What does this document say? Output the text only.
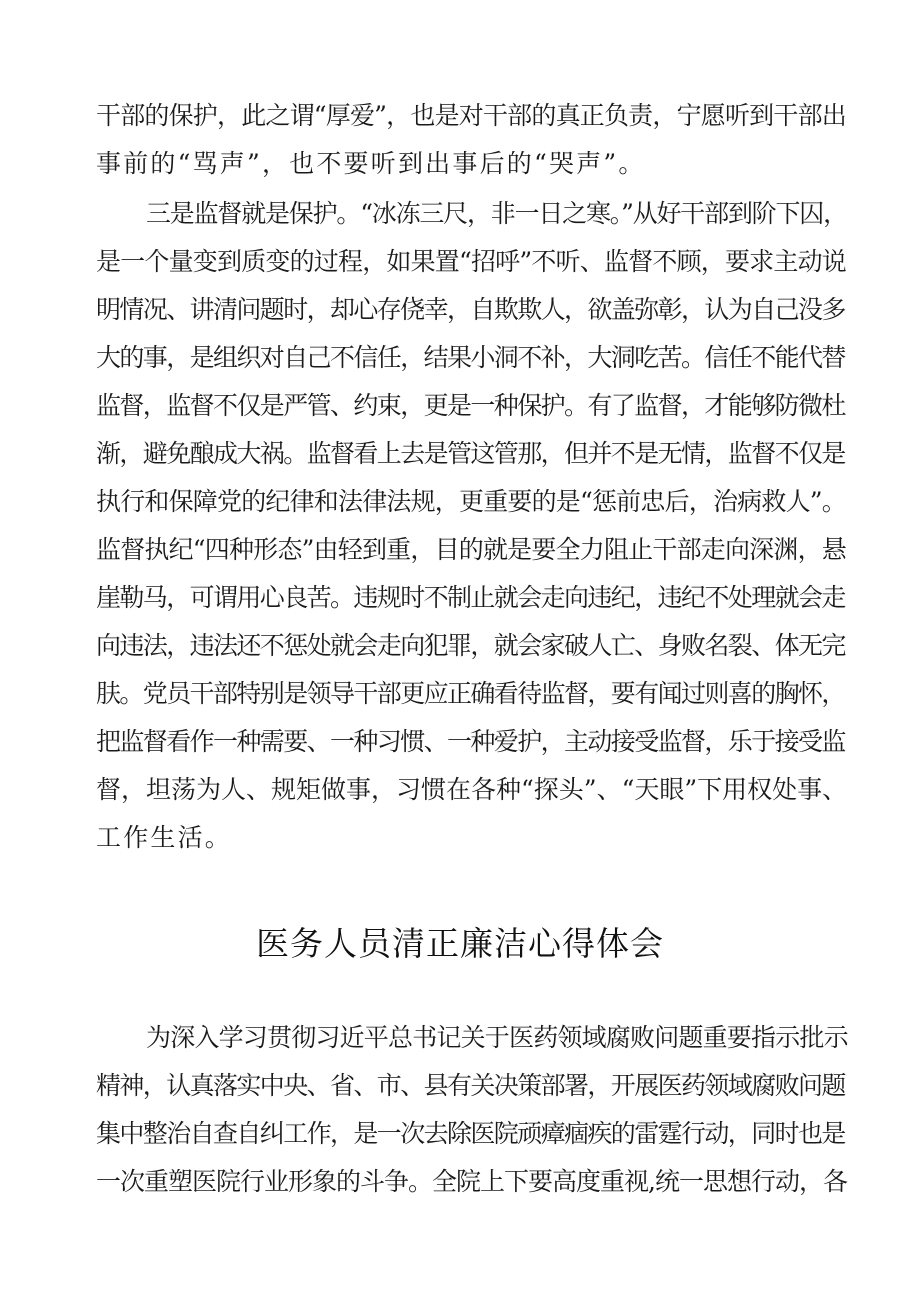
干部的保护，此之谓“厚爱”，也是对干部的真正负责，宁愿听到干部出
事前的“骂声”，也不要听到出事后的“哭声”。
三是监督就是保护。“冰冻三尺，非一日之寒。”从好干部到阶下囚，
是一个量变到质变的过程，如果置“招呼”不听、监督不顾，要求主动说
明情况、讲清问题时，却心存侥幸，自欺欺人，欲盖弥彰，认为自己没多
大的事，是组织对自己不信任，结果小洞不补，大洞吃苦。信任不能代替
监督，监督不仅是严管、约束，更是一种保护。有了监督，才能够防微杜
渐，避免酿成大祸。监督看上去是管这管那，但并不是无情，监督不仅是
执行和保障党的纪律和法律法规，更重要的是“惩前忠后，治病救人”。
监督执纪“四种形态”由轻到重，目的就是要全力阻止干部走向深渊，悬
崖勒马，可谓用心良苦。违规时不制止就会走向违纪，违纪不处理就会走
向违法，违法还不惩处就会走向犯罪，就会家破人亡、身败名裂、体无完
肤。党员干部特别是领导干部更应正确看待监督，要有闻过则喜的胸怀，
把监督看作一种需要、一种习惯、一种爱护，主动接受监督，乐于接受监
督，坦荡为人、规矩做事，习惯在各种“探头”、“天眼”下用权处事、
工作生活。
医务人员清正廉洁心得体会
为深入学习贯彻习近平总书记关于医药领域腐败问题重要指示批示
精神，认真落实中央、省、市、县有关决策部署，开展医药领域腐败问题
集中整治自查自纠工作，是一次去除医院顽瘴痼疾的雷霆行动，同时也是
一次重塑医院行业形象的斗争。全院上下要高度重视,统一思想行动，各
